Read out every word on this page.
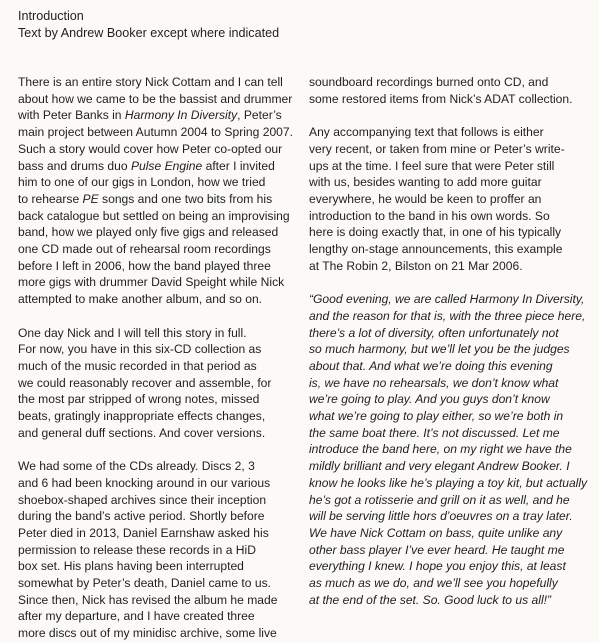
Introduction
Text by Andrew Booker except where indicated
There is an entire story Nick Cottam and I can tell
about how we came to be the bassist and drummer
with Peter Banks in Harmony In Diversity, Peter’s
main project between Autumn 2004 to Spring 2007.
Such a story would cover how Peter co-opted our
bass and drums duo Pulse Engine after I invited
him to one of our gigs in London, how we tried
to rehearse PE songs and one two bits from his
back catalogue but settled on being an improvising
band, how we played only five gigs and released
one CD made out of rehearsal room recordings
before I left in 2006, how the band played three
more gigs with drummer David Speight while Nick
attempted to make another album, and so on.
One day Nick and I will tell this story in full.
For now, you have in this six-CD collection as
much of the music recorded in that period as
we could reasonably recover and assemble, for
the most par stripped of wrong notes, missed
beats, gratingly inappropriate effects changes,
and general duff sections. And cover versions.
We had some of the CDs already. Discs 2, 3
and 6 had been knocking around in our various
shoebox-shaped archives since their inception
during the band’s active period. Shortly before
Peter died in 2013, Daniel Earnshaw asked his
permission to release these records in a HiD
box set. His plans having been interrupted
somewhat by Peter’s death, Daniel came to us.
Since then, Nick has revised the album he made
after my departure, and I have created three
more discs out of my minidisc archive, some live
soundboard recordings burned onto CD, and
some restored items from Nick’s ADAT collection.
Any accompanying text that follows is either
very recent, or taken from mine or Peter’s write-
ups at the time. I feel sure that were Peter still
with us, besides wanting to add more guitar
everywhere, he would be keen to proffer an
introduction to the band in his own words. So
here is doing exactly that, in one of his typically
lengthy on-stage announcements, this example
at The Robin 2, Bilston on 21 Mar 2006.
“Good evening, we are called Harmony In Diversity,
and the reason for that is, with the three piece here,
there’s a lot of diversity, often unfortunately not
so much harmony, but we’ll let you be the judges
about that. And what we’re doing this evening
is, we have no rehearsals, we don’t know what
we’re going to play. And you guys don’t know
what we’re going to play either, so we’re both in
the same boat there. It’s not discussed. Let me
introduce the band here, on my right we have the
mildly brilliant and very elegant Andrew Booker. I
know he looks like he’s playing a toy kit, but actually
he’s got a rotisserie and grill on it as well, and he
will be serving little hors d’oeuvres on a tray later.
We have Nick Cottam on bass, quite unlike any
other bass player I’ve ever heard. He taught me
everything I knew. I hope you enjoy this, at least
as much as we do, and we’ll see you hopefully
at the end of the set. So. Good luck to us all!”
